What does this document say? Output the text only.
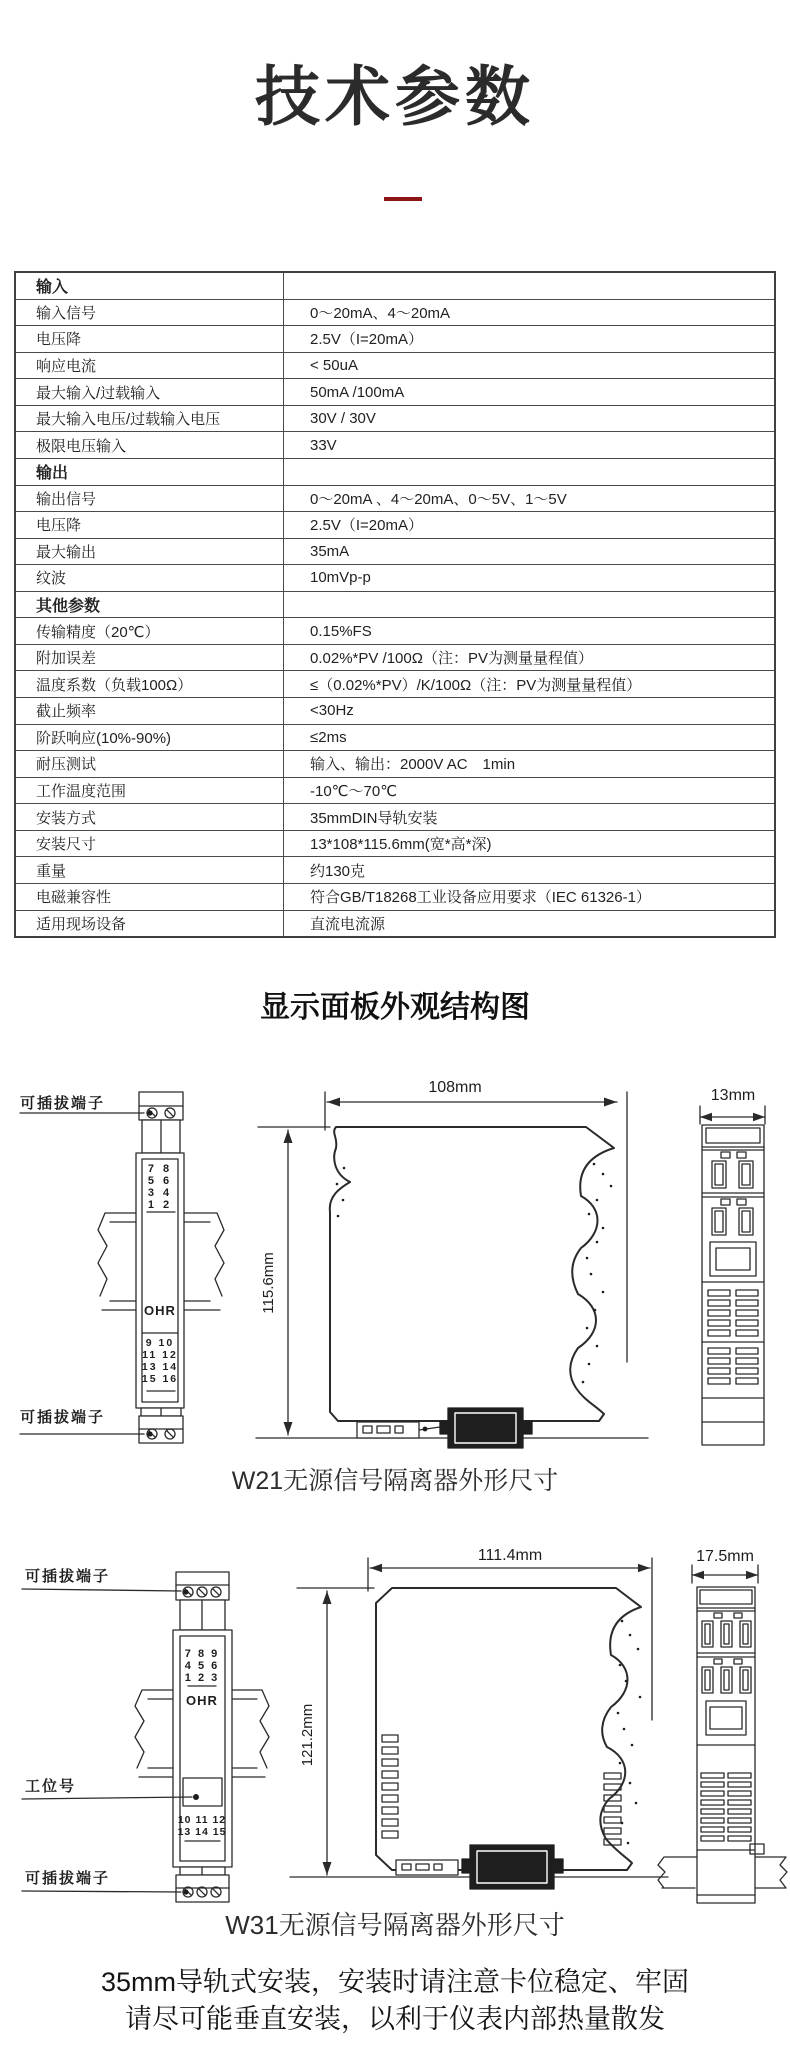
技术参数
输入
输入信号	0～20mA、4～20mA
电压降	2.5V（I=20mA）
响应电流	< 50uA
最大输入/过载输入	50mA /100mA
最大输入电压/过载输入电压	30V / 30V
极限电压输入	33V
输出
输出信号	0～20mA 、4～20mA、0～5V、1～5V
电压降	2.5V（I=20mA）
最大输出	35mA
纹波	10mVp-p
其他参数
传输精度（20℃）	0.15%FS
附加误差	0.02%*PV /100Ω（注：PV为测量量程值）
温度系数（负载100Ω）	≤（0.02%*PV）/K/100Ω（注：PV为测量量程值）
截止频率	<30Hz
阶跃响应(10%-90%)	≤2ms
耐压测试	输入、输出：2000V AC　1min
工作温度范围	-10℃～70℃
安装方式	35mmDIN导轨安装
安装尺寸	13*108*115.6mm(宽*高*深)
重量	约130克
电磁兼容性	符合GB/T18268工业设备应用要求（IEC 61326-1）
适用现场设备	直流电流源
显示面板外观结构图
7 8
5 6
3 4
1 2
OHR
9 10
11 12
13 14
15 16
可插拔端子
可插拔端子
108mm
115.6mm
13mm
W21无源信号隔离器外形尺寸
7 8 9
4 5 6
1 2 3
OHR
10 11 12
13 14 15
可插拔端子
工位号
可插拔端子
111.4mm
121.2mm
17.5mm
W31无源信号隔离器外形尺寸
35mm导轨式安装，安装时请注意卡位稳定、牢固
请尽可能垂直安装，以利于仪表内部热量散发
